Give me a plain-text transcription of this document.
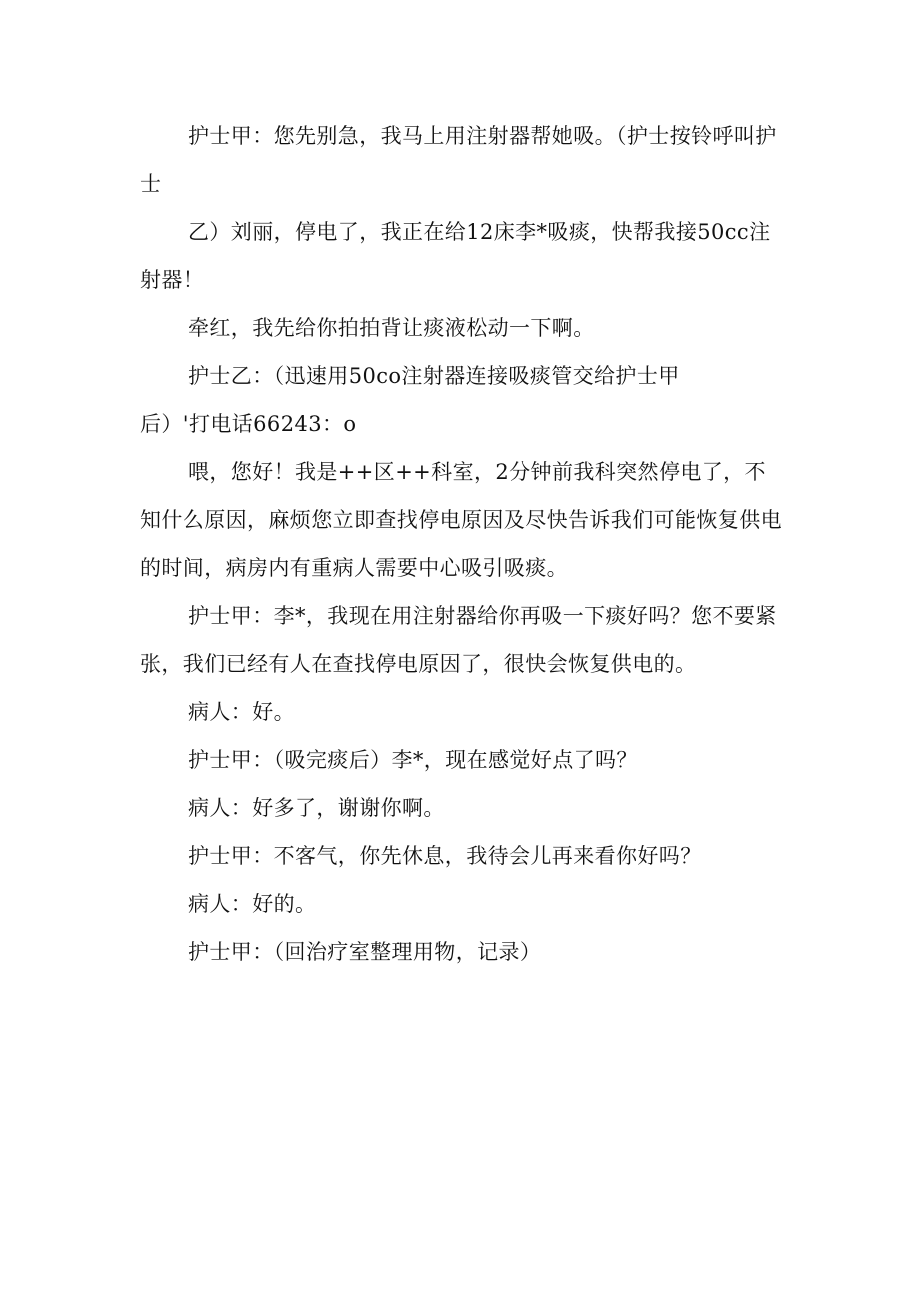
护士甲：您先别急，我马上用注射器帮她吸。（护士按铃呼叫护士

乙）刘丽，停电了，我正在给12床李*吸痰，快帮我接50cc注射器！

牵红，我先给你拍拍背让痰液松动一下啊。

护士乙：（迅速用50co注射器连接吸痰管交给护士甲

后）'打电话66243：o

喂，您好！我是++区++科室，2分钟前我科突然停电了，不知什么原因，麻烦您立即查找停电原因及尽快告诉我们可能恢复供电的时间，病房内有重病人需要中心吸引吸痰。

护士甲：李*，我现在用注射器给你再吸一下痰好吗？您不要紧张，我们已经有人在查找停电原因了，很快会恢复供电的。

病人：好。

护士甲：（吸完痰后）李*，现在感觉好点了吗？

病人：好多了，谢谢你啊。

护士甲：不客气，你先休息，我待会儿再来看你好吗？

病人：好的。

护士甲：（回治疗室整理用物，记录）
